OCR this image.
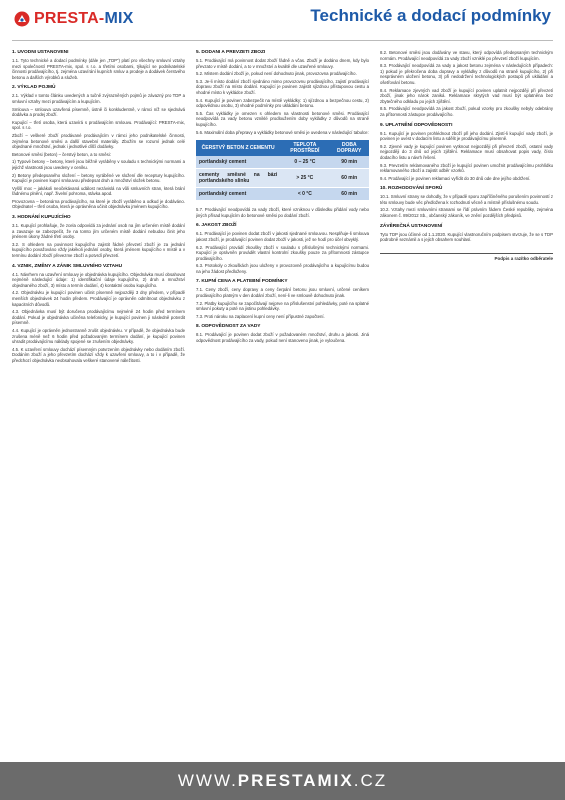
PRESTA-MIX	Technické a dodací podmínky
1. ÚVODNÍ USTANOVENÍ

1.1. Tyto technické a dodací podmínky (dále jen „TDP“) platí pro všechny smluvní vztahy mezi společností PRESTA-mix, spol. s r.o. a třetími osobami, týkající se podnikatelské činnosti prodávajícího, tj. zejména uzavírání kupních smluv a prodeje a dodávek čerstvého betonu a dalších výrobků a služeb.

2. VÝKLAD POJMŮ

2.1. Výklad v tomto článku uvedených a tučně zvýrazněných pojmů je závazný pro TDP a smluvní vztahy mezi prodávajícím a kupujícím.

Smlouva – smlouva uzavřená písemně, ústně či konkludentně, v rámci níž se sjednává dodávka a prodej zboží.

Kupující – třetí osoba, která uzavírá s prodávajícím smlouvu. Prodávající: PRESTA-mix, spol. s r.o.

Zboží – veškeré zboží prodávané prodávajícím v rámci jeho podnikatelské činnosti, zejména betonové směsi a další stavební materiály. Zbožím se rozumí jednak celé objednané množství, jednak i jednotlivé dílčí dodávky.

Betonové směsi (beton) – čerstvý beton, a to směsi:

1) Typové betony – betony, které jsou běžně vyráběny v souladu s technickými normami a jejichž vlastnosti jsou uvedeny v ceníku.

2) Betony předepsaného složení – betony vyráběné ve složení dle receptury kupujícího. Kupující je povinen kupní smlouvou předepsat druh a množství složek betonu.

Vyšší moc – jakákoli neočekávaná událost nezávislá na vůli smluvních stran, která brání řádnému plnění, např. živelní pohroma, stávka apod.

Provozovna – betonárna prodávajícího, na které je zboží vyráběno a odkud je dodáváno. Objednatel – třetí osoba, která je oprávněna učinit objednávku jménem kupujícího.

3. HODNÁNÍ KUPUJÍCÍHO

3.1. Kupující prohlašuje, že zcela odpovídá za jednání osob na jím určeném místě dodání a zavazuje se zabezpečit, že na tomto jím určeném místě dodání nebudou činit jeho jménem úkony žádné třetí osoby.

3.2. S ohledem na povinnost kupujícího zajistit řádné převzetí zboží je za jednání kupujícího považováno vždy jakékoli jednání osoby, která jménem kupujícího v místě a v termínu dodání zboží převezme zboží a potvrdí převzetí.

4. VZNIK, ZMĚNY A ZÁNIK SMLUVNÍHO VZTAHU

4.1. Návrhem na uzavření smlouvy je objednávka kupujícího. Objednávka musí obsahovat nejméně následující údaje: 1) identifikační údaje kupujícího, 2) druh a množství objednaného zboží, 3) místo a termín dodání, 4) kontaktní osobu kupujícího.

4.2. Objednávku je kupující povinen učinit písemně nejpozději 3 dny předem, v případě menších objednávek 24 hodin předem. Prodávající je oprávněn odmítnout objednávku z kapacitních důvodů.

4.3. Objednávka musí být doručena prodávajícímu nejméně 24 hodin před termínem dodání. Pokud je objednávka učiněna telefonicky, je kupující povinen ji následně potvrdit písemně.

4.4. Kupující je oprávněn jednostranně zrušit objednávku. V případě, že objednávka bude zrušena méně než 6 hodin před požadovaným termínem dodání, je kupující povinen uhradit prodávajícímu náklady spojené se zrušením objednávky.

4.5. K uzavření smlouvy dochází písemným potvrzením objednávky nebo dodáním zboží. Dodáním zboží a jeho převzetím dochází vždy k uzavření smlouvy, a to i v případě, že předchozí objednávka neobsahovala veškeré stanovené náležitosti.

5. DODÁNÍ A PŘEVZETÍ ZBOŽÍ

5.1. Prodávající má povinnost dodat zboží řádně a včas. Zboží je dodáno dnem, kdy bylo převzato v místě dodání, a to v množství a kvalitě dle uzavřené smlouvy.

5.2. Místem dodání zboží je, pokud není dohodnuto jinak, provozovna prodávajícího.

5.3. Je-li místo dodání zboží sjednáno mimo provozovnu prodávajícího, zajistí prodávající dopravu zboží na místo dodání. Kupující je povinen zajistit sjízdnou přístupovou cestu a vhodné místo k vykládce zboží.

5.4. Kupující je povinen zabezpečit na místě vykládky: 1) sjízdnou a bezpečnou cestu, 2) odpovědnou osobu, 3) vhodné podmínky pro ukládání betonu.

5.5. Čas vykládky je omezen s ohledem na vlastnosti betonové směsi. Prodávající neodpovídá za vady betonu vzniklé prodloužením doby vykládky z důvodů na straně kupujícího.

5.6. Maximální doba přepravy a vykládky betonové směsi je uvedena v následující tabulce:

ČERSTVÝ BETON Z CEMENTU	TEPLOTA PROSTŘEDÍ	DOBA DOPRAVY
portlandský cement	0 – 25 °C	90 min
cementy směsné na bázi portlandského slinku	> 25 °C	60 min
portlandský cement	< 0 °C	60 min

5.7. Prodávající neodpovídá za vady zboží, které vzniknou v důsledku přidání vody nebo jiných přísad kupujícím do betonové směsi po dodání zboží.

6. JAKOST ZBOŽÍ

6.1. Prodávající je povinen dodat zboží v jakosti sjednané smlouvou. Nesplňuje-li smlouva jakost zboží, je prodávající povinen dodat zboží v jakosti, jež se hodí pro účel obvyklý.

6.2. Prodávající provádí zkoušky zboží v souladu s příslušnými technickými normami. Kupující je oprávněn provádět vlastní kontrolní zkoušky pouze za přítomnosti zástupce prodávajícího.

6.3. Protokoly o zkouškách jsou uloženy v provozovně prodávajícího a kupujícímu budou na jeho žádost předloženy.

7. KUPNÍ CENA A PLATEBNÍ PODMÍNKY

7.1. Ceny zboží, ceny dopravy a ceny čerpání betonu jsou smluvní, určené ceníkem prodávajícího platným v den dodání zboží, není-li ve smlouvě dohodnuto jinak.

7.2. Platby kupujícího se započítávají nejprve na příslušenství pohledávky, poté na splatné smluvní pokuty a poté na jistinu pohledávky.

7.3. Proti nároku na zaplacení kupní ceny není přípustné započtení.

8. ODPOVĚDNOST ZA VADY

8.1. Prodávající je povinen dodat zboží v požadovaném množství, druhu a jakosti. Jiná odpovědnost prodávajícího za vady, pokud není stanoveno jinak, je vyloučena.

8.2. Betonové směsi jsou dodávány ve stavu, který odpovídá předepsaným technickým normám. Prodávající neodpovídá za vady zboží vzniklé po převzetí zboží kupujícím.

8.3. Prodávající neodpovídá za vady a jakost betonu zejména v následujících případech: 1) pokud je překročena doba dopravy a vykládky z důvodů na straně kupujícího, 2) při nesprávném uložení betonu, 3) při nedodržení technologických postupů při ukládání a ošetřování betonu.

8.4. Reklamace zjevných vad zboží je kupující povinen uplatnit nejpozději při převzetí zboží, jinak jeho nárok zaniká. Reklamace skrytých vad musí být uplatněna bez zbytečného odkladu po jejich zjištění.

8.5. Prodávající neodpovídá za jakost zboží, pokud vzorky pro zkoušky nebyly odebrány za přítomnosti zástupce prodávajícího.

9. UPLATNĚNÍ ODPOVĚDNOSTI

9.1. Kupující je povinen prohlédnout zboží při jeho dodání. Zjistí-li kupující vady zboží, je povinen je uvést v dodacím listu a sdělit je prodávajícímu písemně.

9.2. Zjevné vady je kupující povinen vytknout nejpozději při převzetí zboží, ostatní vady nejpozději do 3 dnů od jejich zjištění. Reklamace musí obsahovat popis vady, číslo dodacího listu a návrh řešení.

9.3. Prevzetím reklamovaného zboží je kupující povinen umožnit prodávajícímu prohlídku reklamovaného zboží a zajistit odběr vzorků.

9.4. Prodávající je povinen reklamaci vyřídit do 30 dnů ode dne jejího obdržení.

10. ROZHODOVÁNÍ SPORŮ

10.1. Smluvní strany se dohodly, že v případě sporu zapříčiněného porušením povinností z této smlouvy bude věc předložena k rozhodnutí věcně a místně příslušnému soudu.

10.2. Vztahy mezi smluvními stranami se řídí právním řádem České republiky, zejména zákonem č. 89/2012 Sb., občanský zákoník, ve znění pozdějších předpisů.

ZÁVĚREČNÁ USTANOVENÍ

Tyto TDP jsou účinné od 1.1.2020. Kupující vlastnoručním podpisem stvrzuje, že se s TDP podrobně seznámil a s jejich obsahem souhlasí.

Podpis a razítko odběratele
WWW.PRESTAMIX.CZ
